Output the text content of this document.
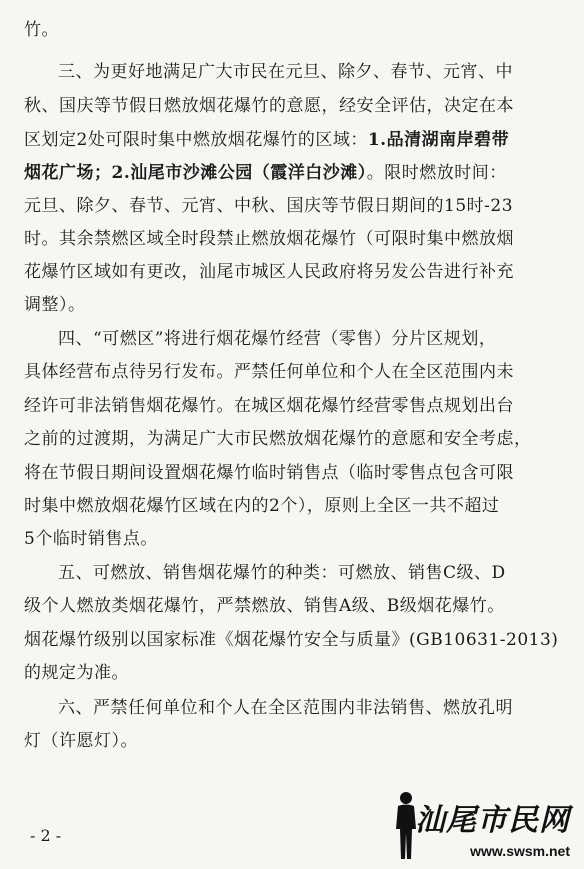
竹。
三、为更好地满足广大市民在元旦、除夕、春节、元宵、中
秋、国庆等节假日燃放烟花爆竹的意愿，经安全评估，决定在本
区划定2处可限时集中燃放烟花爆竹的区域：1.品清湖南岸碧带
烟花广场；2.汕尾市沙滩公园（霞洋白沙滩）。限时燃放时间：
元旦、除夕、春节、元宵、中秋、国庆等节假日期间的15时-23
时。其余禁燃区域全时段禁止燃放烟花爆竹（可限时集中燃放烟
花爆竹区域如有更改，汕尾市城区人民政府将另发公告进行补充
调整）。
四、“可燃区”将进行烟花爆竹经营（零售）分片区规划，
具体经营布点待另行发布。严禁任何单位和个人在全区范围内未
经许可非法销售烟花爆竹。在城区烟花爆竹经营零售点规划出台
之前的过渡期，为满足广大市民燃放烟花爆竹的意愿和安全考虑，
将在节假日期间设置烟花爆竹临时销售点（临时零售点包含可限
时集中燃放烟花爆竹区域在内的2个），原则上全区一共不超过
5个临时销售点。
五、可燃放、销售烟花爆竹的种类：可燃放、销售C级、D
级个人燃放类烟花爆竹，严禁燃放、销售A级、B级烟花爆竹。
烟花爆竹级别以国家标准《烟花爆竹安全与质量》(GB10631-2013)
的规定为准。
六、严禁任何单位和个人在全区范围内非法销售、燃放孔明
灯（许愿灯）。
- 2 -	汕尾市民网
www.swsm.net
